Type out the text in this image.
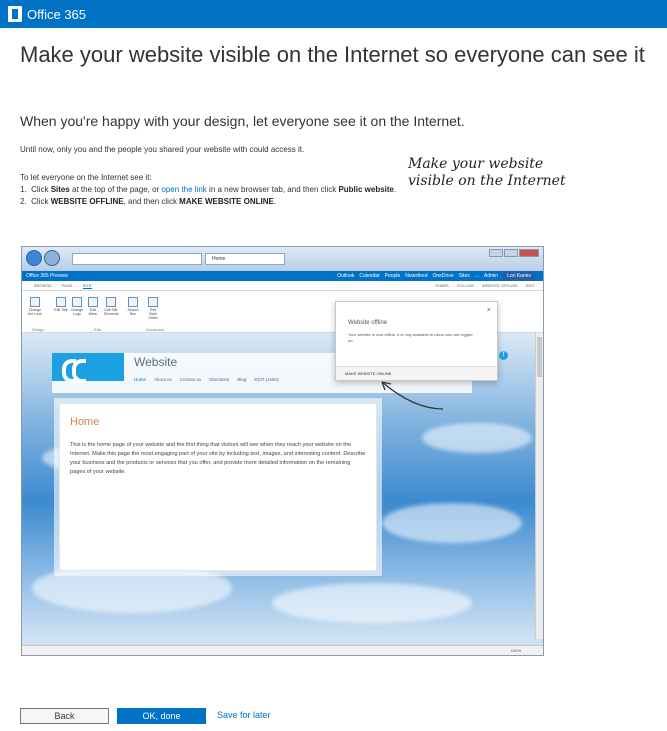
Office 365
Make your website visible on the Internet so everyone can see it
When you're happy with your design, let everyone see it on the Internet.
Until now, only you and the people you shared your website with could access it.
To let everyone on the Internet see it:
1. Click Sites at the top of the page, or open the link in a new browser tab, and then click Public website.
2. Click WEBSITE OFFLINE, and then click MAKE WEBSITE ONLINE.
Home
Office 365 Preview	Outlook Calendar People Newsfeed OneDrive Sites ... Admin	Lori Kanev
BROWSE	PAGE	SITE	SHARE FOLLOW WEBSITE OFFLINE EDIT
Change the Look
Edit Title Change Logo
Edit Menu
Edit Site Elements
Search Box
Edit Style Sheet
Design	Edit	Advanced
Website
Home About us Contact us Directions Blog EDIT LINKS
Home
This is the home page of your website and the first thing that visitors will see when they reach your website on the Internet. Make this page the most engaging part of your site by including text, images, and interesting content. Describe your business and the products or services that you offer, and provide more detailed information on the remaining pages of your website.
×
Website offline
Your website is now offline. It is only available to users who are logged on.
MAKE WEBSITE ONLINE
f
100%
Make your website
visible on the Internet
Back	OK, done	Save for later
